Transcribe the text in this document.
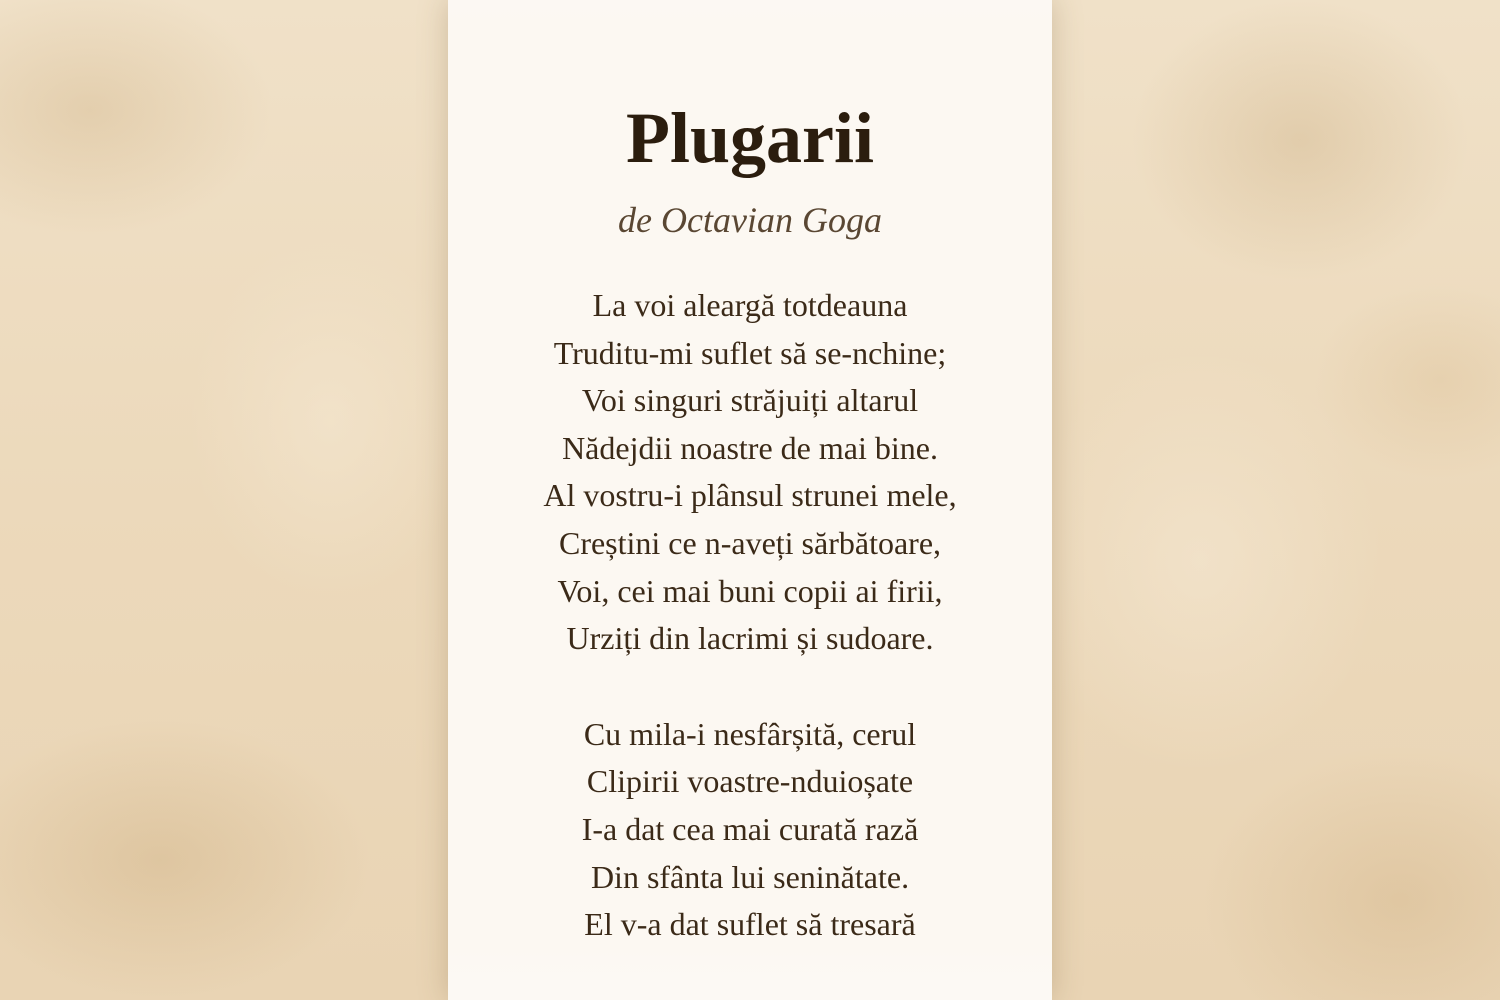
Plugarii

de Octavian Goga

La voi aleargă totdeauna
Truditu-mi suflet să se-nchine;
Voi singuri străjuiți altarul
Nădejdii noastre de mai bine.
Al vostru-i plânsul strunei mele,
Creștini ce n-aveți sărbătoare,
Voi, cei mai buni copii ai firii,
Urziți din lacrimi și sudoare.
Cu mila-i nesfârșită, cerul
Clipirii voastre-nduioșate
I-a dat cea mai curată rază
Din sfânta lui seninătate.
El v-a dat suflet să tresară
